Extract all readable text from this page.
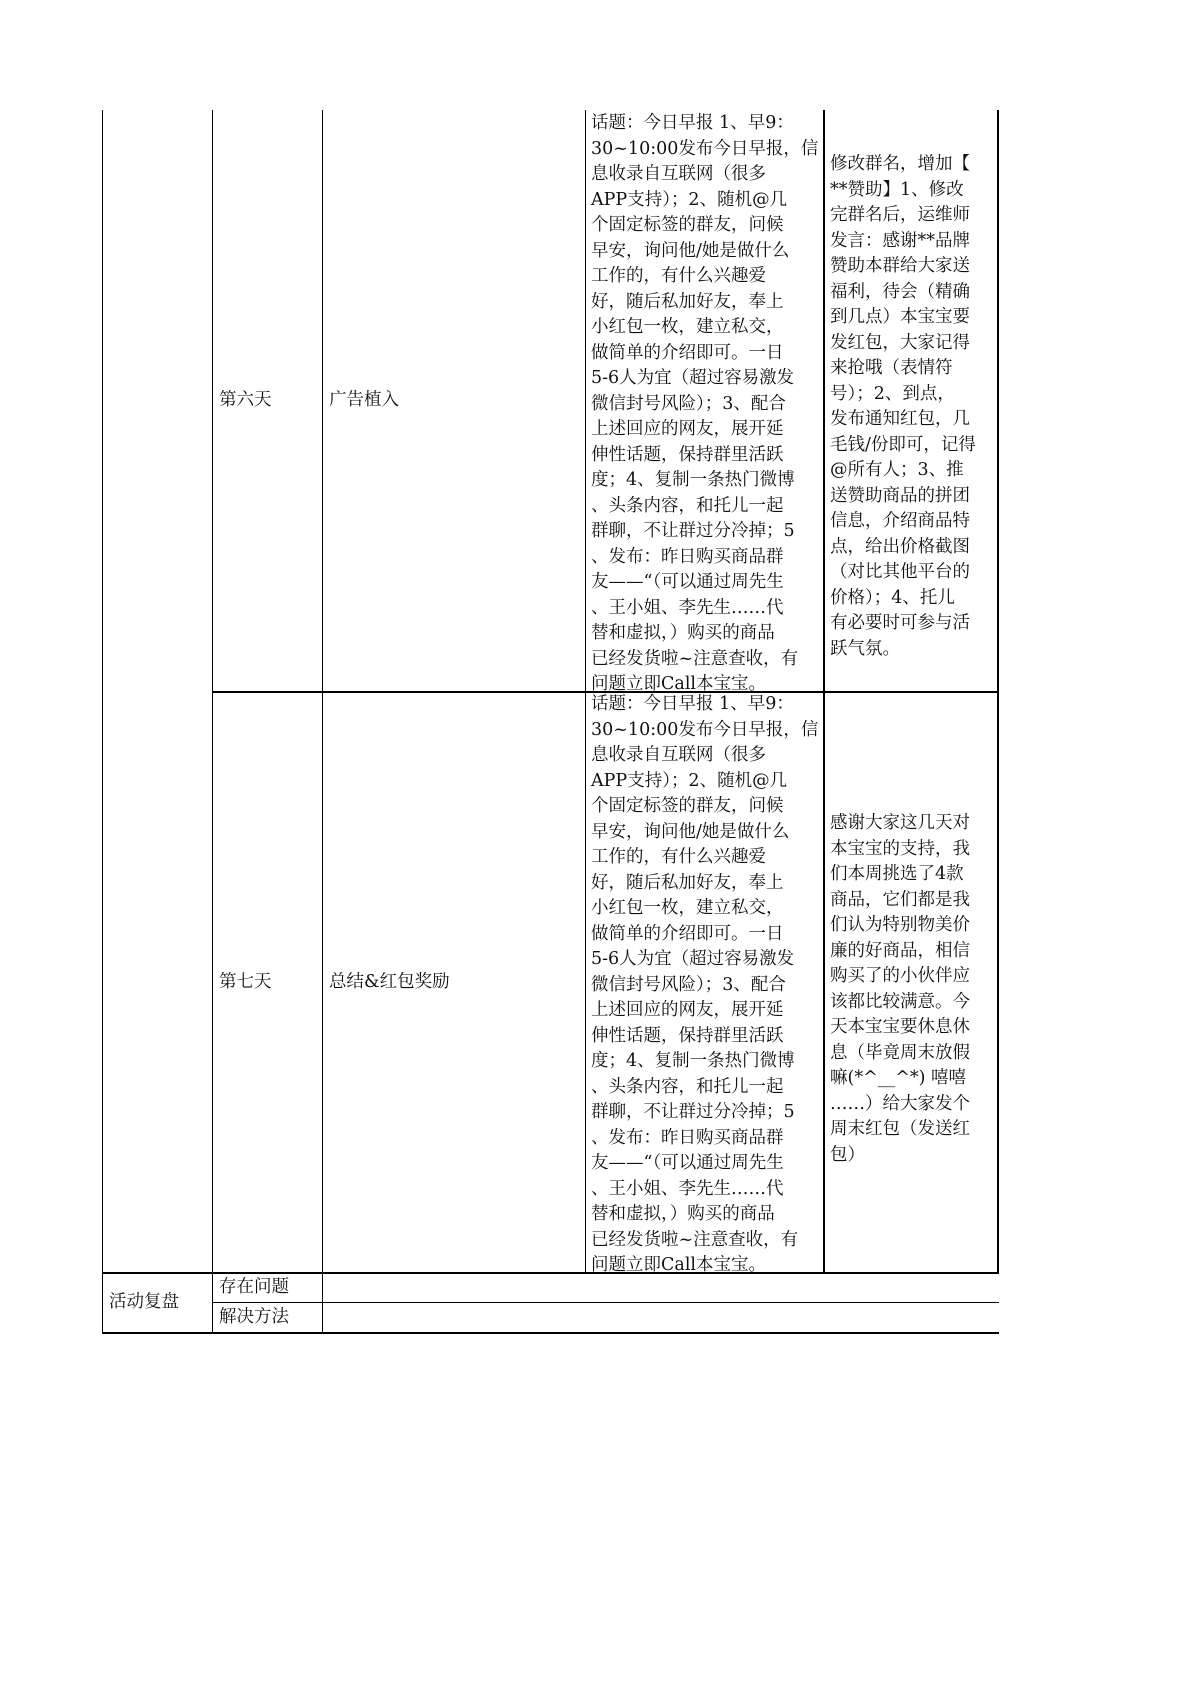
第六天	广告植入
话题：今日早报 1、早9：
30~10:00发布今日早报，信
息收录自互联网（很多
APP支持）；2、随机@几
个固定标签的群友，问候
早安，询问他/她是做什么
工作的，有什么兴趣爱
好，随后私加好友，奉上
小红包一枚，建立私交，
做简单的介绍即可。一日
5-6人为宜（超过容易激发
微信封号风险）；3、配合
上述回应的网友，展开延
伸性话题，保持群里活跃
度；4、复制一条热门微博
、头条内容，和托儿一起
群聊，不让群过分冷掉；5
、发布：昨日购买商品群
友——“（可以通过周先生
、王小姐、李先生……代
替和虚拟，）购买的商品
已经发货啦~注意查收，有
问题立即Call本宝宝。
修改群名，增加【
**赞助】1、修改
完群名后，运维师
发言：感谢**品牌
赞助本群给大家送
福利，待会（精确
到几点）本宝宝要
发红包，大家记得
来抢哦（表情符
号）；2、到点，
发布通知红包，几
毛钱/份即可，记得
@所有人；3、推
送赞助商品的拼团
信息，介绍商品特
点，给出价格截图
（对比其他平台的
价格）；4、托儿
有必要时可参与活
跃气氛。
第七天	总结&红包奖励
话题：今日早报 1、早9：
30~10:00发布今日早报，信
息收录自互联网（很多
APP支持）；2、随机@几
个固定标签的群友，问候
早安，询问他/她是做什么
工作的，有什么兴趣爱
好，随后私加好友，奉上
小红包一枚，建立私交，
做简单的介绍即可。一日
5-6人为宜（超过容易激发
微信封号风险）；3、配合
上述回应的网友，展开延
伸性话题，保持群里活跃
度；4、复制一条热门微博
、头条内容，和托儿一起
群聊，不让群过分冷掉；5
、发布：昨日购买商品群
友——“（可以通过周先生
、王小姐、李先生……代
替和虚拟，）购买的商品
已经发货啦~注意查收，有
问题立即Call本宝宝。
感谢大家这几天对
本宝宝的支持，我
们本周挑选了4款
商品，它们都是我
们认为特别物美价
廉的好商品，相信
购买了的小伙伴应
该都比较满意。今
天本宝宝要休息休
息（毕竟周末放假
嘛(*^__^*) 嘻嘻
……）给大家发个
周末红包（发送红
包）
活动复盘
存在问题
解决方法
